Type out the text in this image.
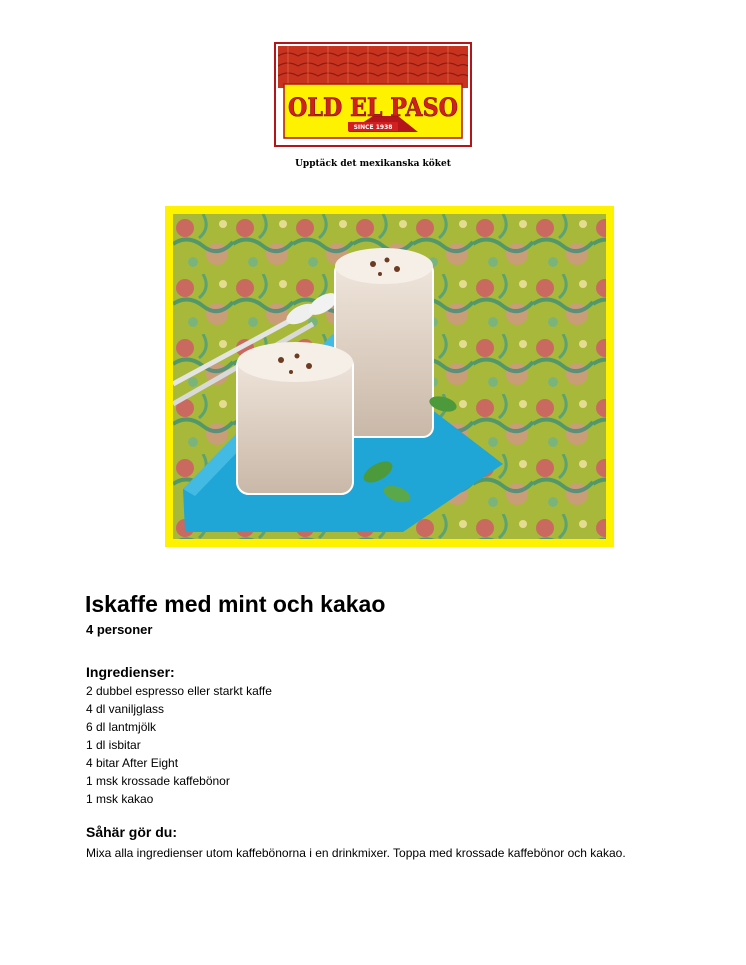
OLD EL PASO
SINCE 1938
Upptäck det mexikanska köket
Iskaffe med mint och kakao
4 personer
Ingredienser:
2 dubbel espresso eller starkt kaffe
4 dl vaniljglass
6 dl lantmjölk
1 dl isbitar
4 bitar After Eight
1 msk krossade kaffebönor
1 msk kakao
Såhär gör du:

Mixa alla ingredienser utom kaffebönorna i en drinkmixer. Toppa med krossade kaffebönor och kakao.
